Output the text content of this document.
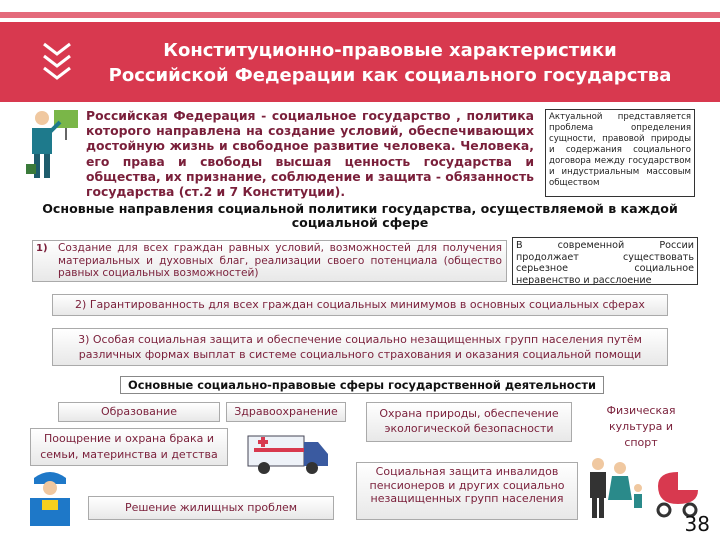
Конституционно-правовые характеристики
Российской Федерации как социального государства
Российская Федерация - социальное государство , политика которого направлена на создание условий, обеспечивающих достойную жизнь и свободное развитие человека. Человека, его права и свободы высшая ценность государства и общества, их признание, соблюдение и защита - обязанность государства (ст.2 и 7 Конституции).
Актуальной представляется проблема определения сущности, правовой природы и содержания социального договора между государством и индустриальным массовым обществом
Основные направления социальной политики государства, осуществляемой в каждой социальной сфере
1) Создание для всех граждан равных условий, возможностей для получения материальных и духовных благ, реализации своего потенциала (общество равных социальных возможностей)
В современной России продолжает существовать серьезное социальное неравенство и расслоение
2) Гарантированность для всех граждан социальных минимумов в основных социальных сферах
3) Особая социальная защита и обеспечение социально незащищенных групп населения путём различных формах выплат в системе социального страхования и оказания социальной помощи
Основные социально-правовые сферы государственной деятельности
Образование	Здравоохранение	Охрана природы, обеспечение экологической безопасности
Физическая культура и спорт
Поощрение и охрана брака и семьи, материнства и детства
Социальная защита инвалидов пенсионеров и других социально незащищенных групп населения
Решение жилищных проблем
38
